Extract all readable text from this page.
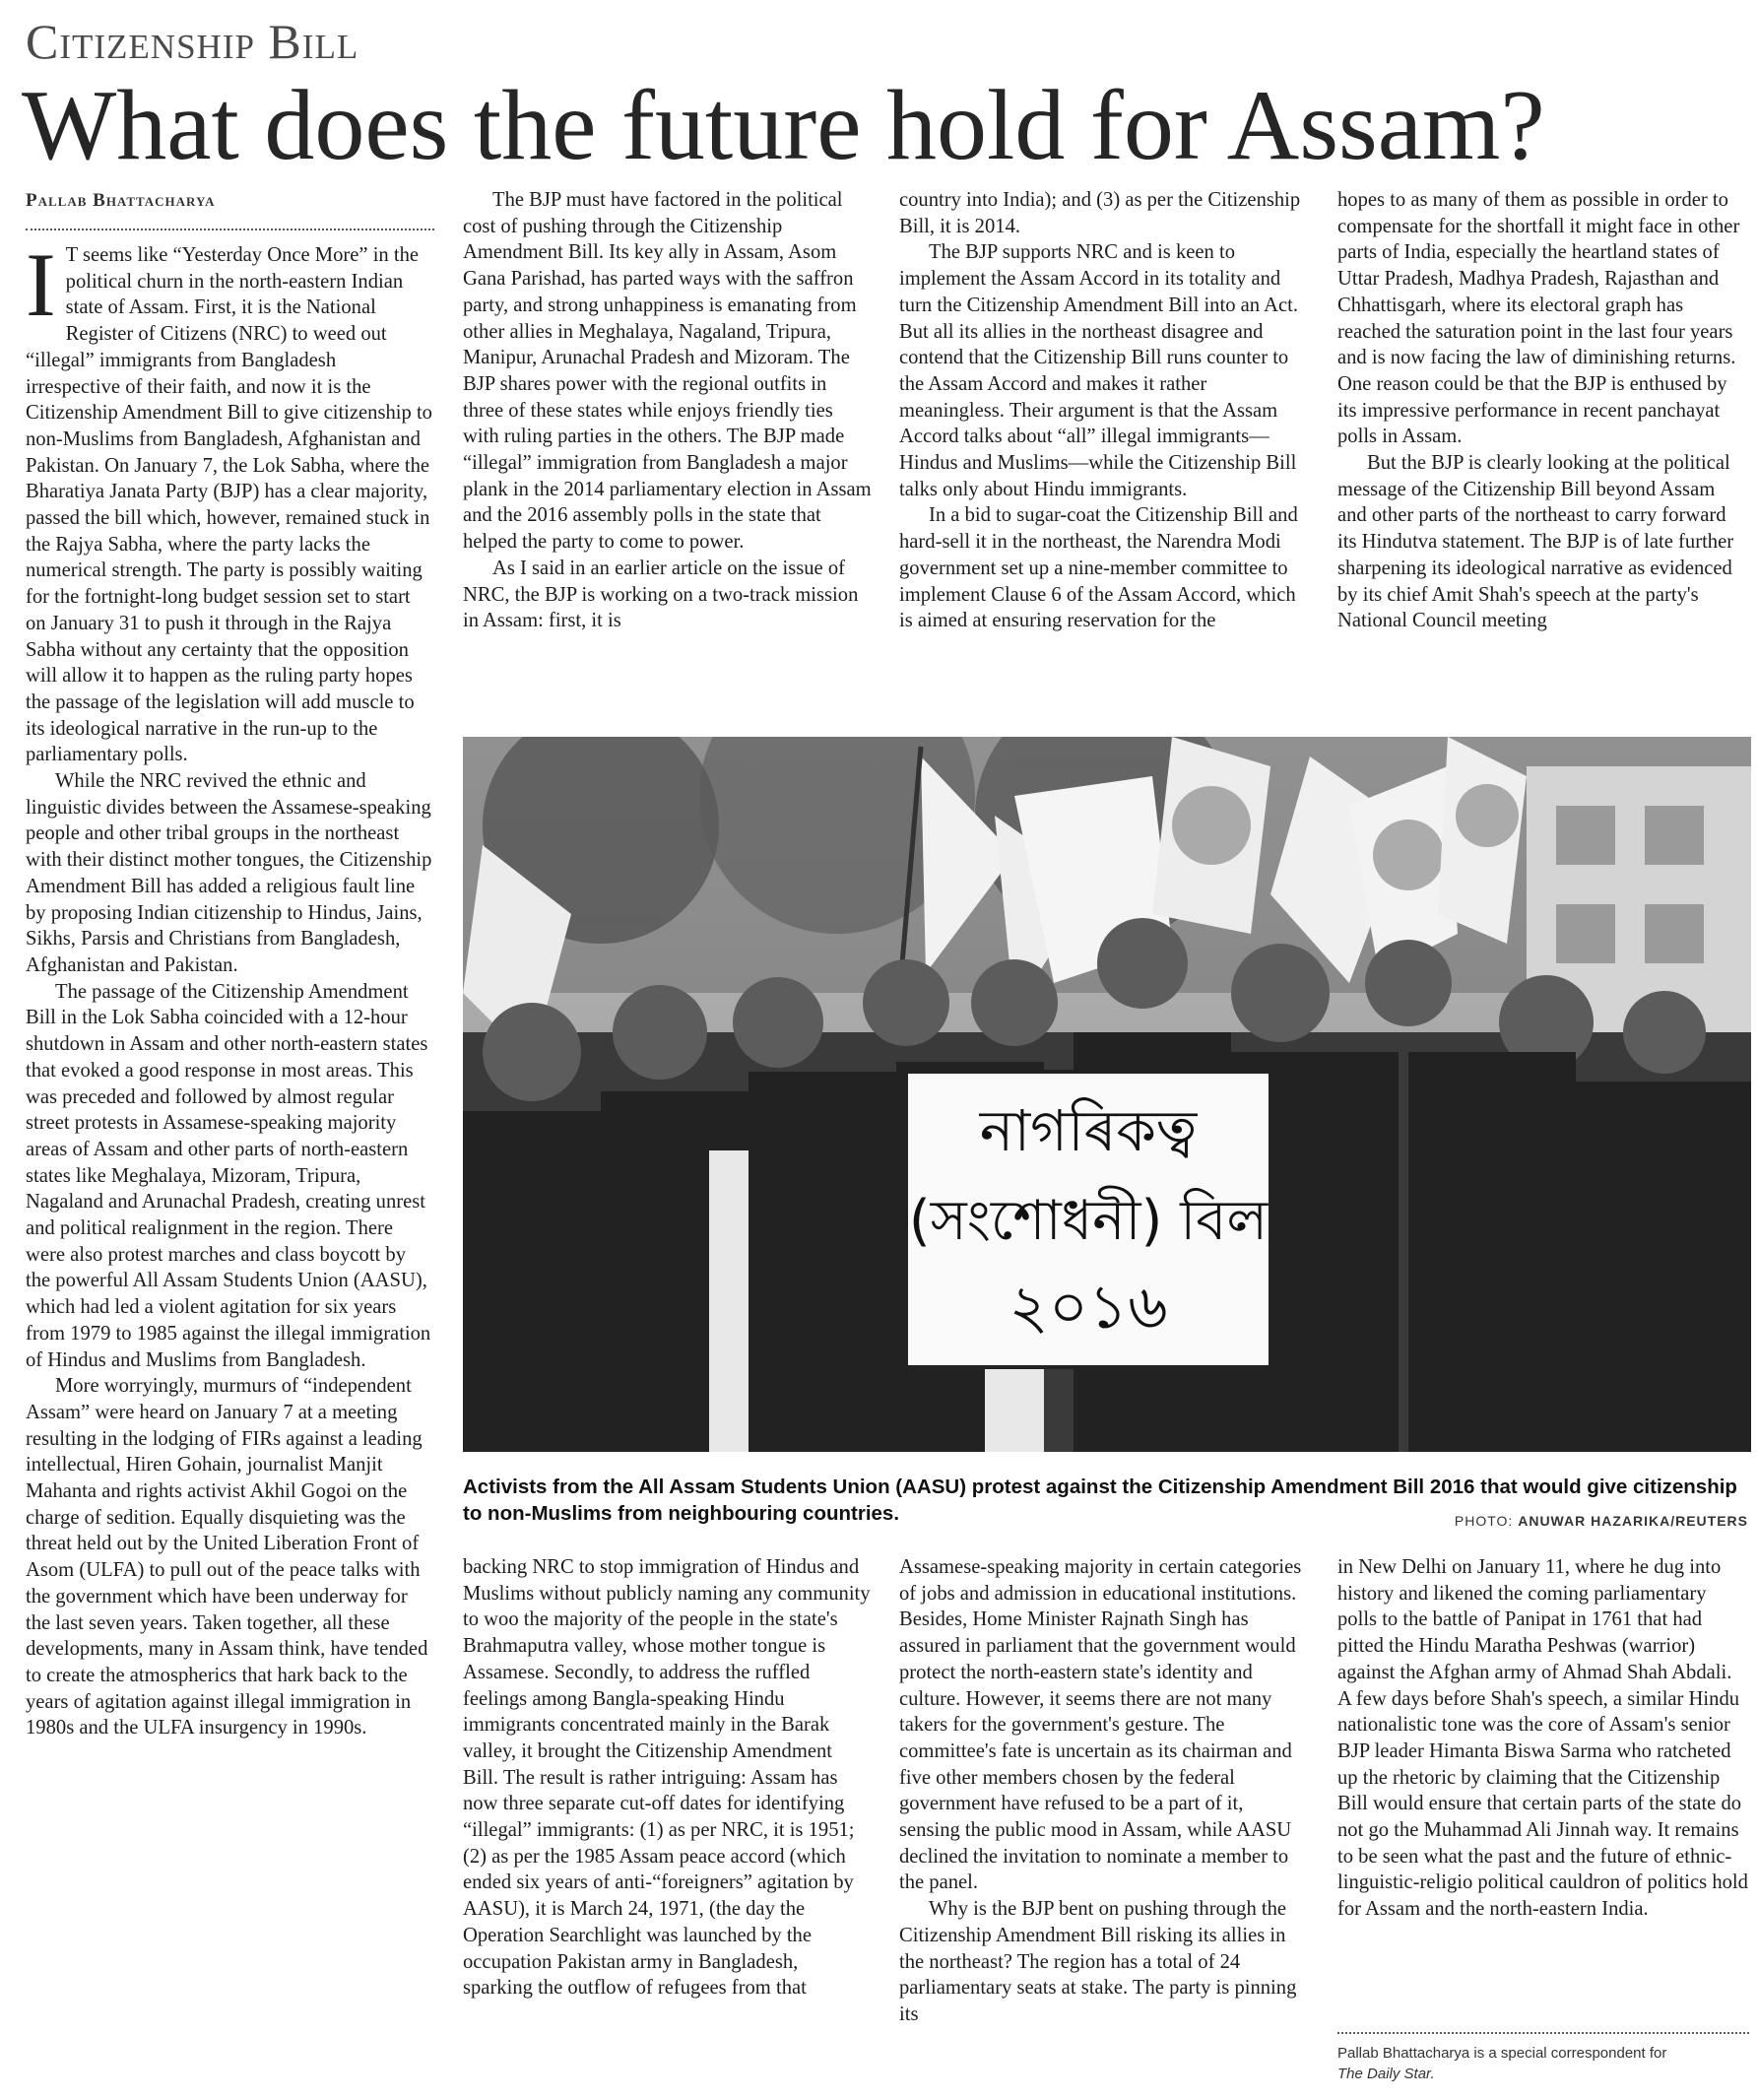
Citizenship Bill
What does the future hold for Assam?
Pallab Bhattacharya

I T seems like “Yesterday Once More” in the political churn in the north-eastern Indian state of Assam. First, it is the National Register of Citizens (NRC) to weed out “illegal” immigrants from Bangladesh irrespective of their faith, and now it is the Citizenship Amendment Bill to give citizenship to non-Muslims from Bangladesh, Afghanistan and Pakistan. On January 7, the Lok Sabha, where the Bharatiya Janata Party (BJP) has a clear majority, passed the bill which, however, remained stuck in the Rajya Sabha, where the party lacks the numerical strength. The party is possibly waiting for the fortnight-long budget session set to start on January 31 to push it through in the Rajya Sabha without any certainty that the opposition will allow it to happen as the ruling party hopes the passage of the legislation will add muscle to its ideological narrative in the run-up to the parliamentary polls.

While the NRC revived the ethnic and linguistic divides between the Assamese-speaking people and other tribal groups in the northeast with their distinct mother tongues, the Citizenship Amendment Bill has added a religious fault line by proposing Indian citizenship to Hindus, Jains, Sikhs, Parsis and Christians from Bangladesh, Afghanistan and Pakistan.

The passage of the Citizenship Amendment Bill in the Lok Sabha coincided with a 12-hour shutdown in Assam and other north-eastern states that evoked a good response in most areas. This was preceded and followed by almost regular street protests in Assamese-speaking majority areas of Assam and other parts of north-eastern states like Meghalaya, Mizoram, Tripura, Nagaland and Arunachal Pradesh, creating unrest and political realignment in the region. There were also protest marches and class boycott by the powerful All Assam Students Union (AASU), which had led a violent agitation for six years from 1979 to 1985 against the illegal immigration of Hindus and Muslims from Bangladesh.

More worryingly, murmurs of “independent Assam” were heard on January 7 at a meeting resulting in the lodging of FIRs against a leading intellectual, Hiren Gohain, journalist Manjit Mahanta and rights activist Akhil Gogoi on the charge of sedition. Equally disquieting was the threat held out by the United Liberation Front of Asom (ULFA) to pull out of the peace talks with the government which have been underway for the last seven years. Taken together, all these developments, many in Assam think, have tended to create the atmospherics that hark back to the years of agitation against illegal immigration in 1980s and the ULFA insurgency in 1990s.

The BJP must have factored in the political cost of pushing through the Citizenship Amendment Bill. Its key ally in Assam, Asom Gana Parishad, has parted ways with the saffron party, and strong unhappiness is emanating from other allies in Meghalaya, Nagaland, Tripura, Manipur, Arunachal Pradesh and Mizoram. The BJP shares power with the regional outfits in three of these states while enjoys friendly ties with ruling parties in the others. The BJP made “illegal” immigration from Bangladesh a major plank in the 2014 parliamentary election in Assam and the 2016 assembly polls in the state that helped the party to come to power.

As I said in an earlier article on the issue of NRC, the BJP is working on a two-track mission in Assam: first, it is

country into India); and (3) as per the Citizenship Bill, it is 2014.

The BJP supports NRC and is keen to implement the Assam Accord in its totality and turn the Citizenship Amendment Bill into an Act. But all its allies in the northeast disagree and contend that the Citizenship Bill runs counter to the Assam Accord and makes it rather meaningless. Their argument is that the Assam Accord talks about “all” illegal immigrants—Hindus and Muslims—while the Citizenship Bill talks only about Hindu immigrants.

In a bid to sugar-coat the Citizenship Bill and hard-sell it in the northeast, the Narendra Modi government set up a nine-member committee to implement Clause 6 of the Assam Accord, which is aimed at ensuring reservation for the

hopes to as many of them as possible in order to compensate for the shortfall it might face in other parts of India, especially the heartland states of Uttar Pradesh, Madhya Pradesh, Rajasthan and Chhattisgarh, where its electoral graph has reached the saturation point in the last four years and is now facing the law of diminishing returns. One reason could be that the BJP is enthused by its impressive performance in recent panchayat polls in Assam.

But the BJP is clearly looking at the political message of the Citizenship Bill beyond Assam and other parts of the northeast to carry forward its Hindutva statement. The BJP is of late further sharpening its ideological narrative as evidenced by its chief Amit Shah's speech at the party's National Council meeting

নাগৰিকত্ব
(সংশোধনী) বিল
২০১৬
Activists from the All Assam Students Union (AASU) protest against the Citizenship Amendment Bill 2016 that would give citizenship to non-Muslims from neighbouring countries.	PHOTO: ANUWAR HAZARIKA/REUTERS

backing NRC to stop immigration of Hindus and Muslims without publicly naming any community to woo the majority of the people in the state's Brahmaputra valley, whose mother tongue is Assamese. Secondly, to address the ruffled feelings among Bangla-speaking Hindu immigrants concentrated mainly in the Barak valley, it brought the Citizenship Amendment Bill. The result is rather intriguing: Assam has now three separate cut-off dates for identifying “illegal” immigrants: (1) as per NRC, it is 1951; (2) as per the 1985 Assam peace accord (which ended six years of anti-“foreigners” agitation by AASU), it is March 24, 1971, (the day the Operation Searchlight was launched by the occupation Pakistan army in Bangladesh, sparking the outflow of refugees from that

Assamese-speaking majority in certain categories of jobs and admission in educational institutions. Besides, Home Minister Rajnath Singh has assured in parliament that the government would protect the north-eastern state's identity and culture. However, it seems there are not many takers for the government's gesture. The committee's fate is uncertain as its chairman and five other members chosen by the federal government have refused to be a part of it, sensing the public mood in Assam, while AASU declined the invitation to nominate a member to the panel.

Why is the BJP bent on pushing through the Citizenship Amendment Bill risking its allies in the northeast? The region has a total of 24 parliamentary seats at stake. The party is pinning its

in New Delhi on January 11, where he dug into history and likened the coming parliamentary polls to the battle of Panipat in 1761 that had pitted the Hindu Maratha Peshwas (warrior) against the Afghan army of Ahmad Shah Abdali. A few days before Shah's speech, a similar Hindu nationalistic tone was the core of Assam's senior BJP leader Himanta Biswa Sarma who ratcheted up the rhetoric by claiming that the Citizenship Bill would ensure that certain parts of the state do not go the Muhammad Ali Jinnah way. It remains to be seen what the past and the future of ethnic-linguistic-religio political cauldron of politics hold for Assam and the north-eastern India.

Pallab Bhattacharya is a special correspondent for
The Daily Star.
